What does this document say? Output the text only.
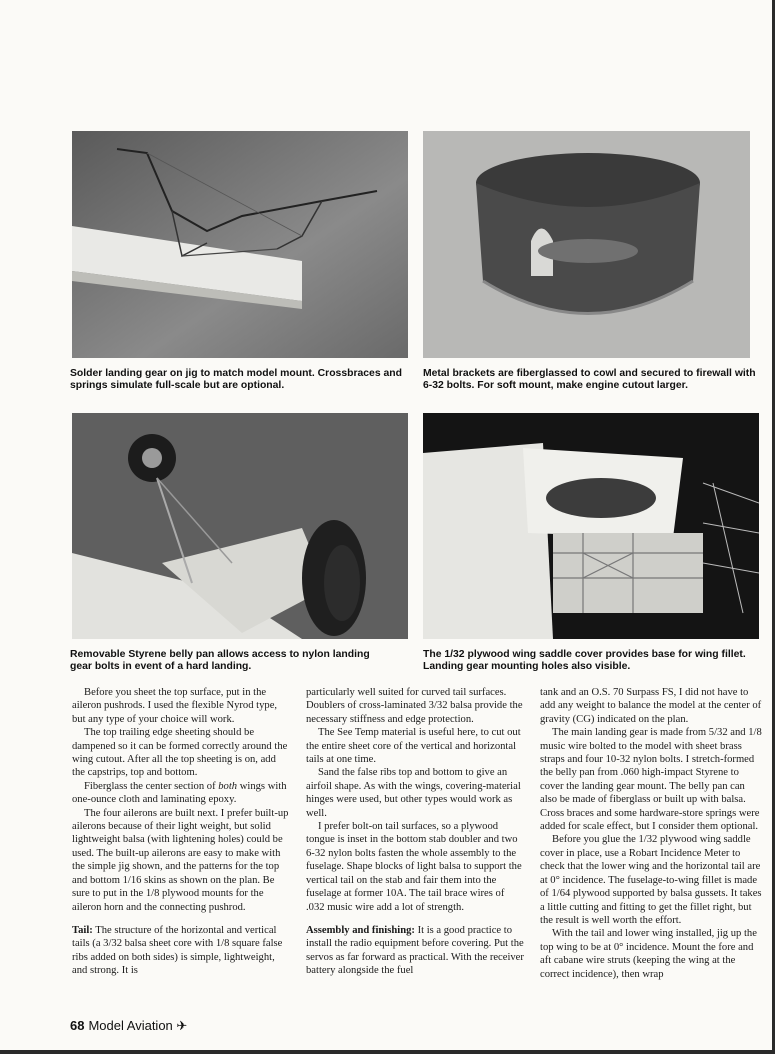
Solder landing gear on jig to match model mount. Crossbraces and springs simulate full-scale but are optional.
Metal brackets are fiberglassed to cowl and secured to firewall with 6-32 bolts. For soft mount, make engine cutout larger.
Removable Styrene belly pan allows access to nylon landing gear bolts in event of a hard landing.
The 1/32 plywood wing saddle cover provides base for wing fillet. Landing gear mounting holes also visible.

Before you sheet the top surface, put in the aileron pushrods. I used the flexible Nyrod type, but any type of your choice will work.

The top trailing edge sheeting should be dampened so it can be formed correctly around the wing cutout. After all the top sheeting is on, add the capstrips, top and bottom.

Fiberglass the center section of both wings with one-ounce cloth and laminating epoxy.

The four ailerons are built next. I prefer built-up ailerons because of their light weight, but solid lightweight balsa (with lightening holes) could be used. The built-up ailerons are easy to make with the simple jig shown, and the patterns for the top and bottom 1/16 skins as shown on the plan. Be sure to put in the 1/8 plywood mounts for the aileron horn and the connecting pushrod.

Tail: The structure of the horizontal and vertical tails (a 3/32 balsa sheet core with 1/8 square false ribs added on both sides) is simple, lightweight, and strong. It is

particularly well suited for curved tail surfaces. Doublers of cross-laminated 3/32 balsa provide the necessary stiffness and edge protection.

The See Temp material is useful here, to cut out the entire sheet core of the vertical and horizontal tails at one time.

Sand the false ribs top and bottom to give an airfoil shape. As with the wings, covering-material hinges were used, but other types would work as well.

I prefer bolt-on tail surfaces, so a plywood tongue is inset in the bottom stab doubler and two 6-32 nylon bolts fasten the whole assembly to the fuselage. Shape blocks of light balsa to support the vertical tail on the stab and fair them into the fuselage at former 10A. The tail brace wires of .032 music wire add a lot of strength.

Assembly and finishing: It is a good practice to install the radio equipment before covering. Put the servos as far forward as practical. With the receiver battery alongside the fuel

tank and an O.S. 70 Surpass FS, I did not have to add any weight to balance the model at the center of gravity (CG) indicated on the plan.

The main landing gear is made from 5/32 and 1/8 music wire bolted to the model with sheet brass straps and four 10-32 nylon bolts. I stretch-formed the belly pan from .060 high-impact Styrene to cover the landing gear mount. The belly pan can also be made of fiberglass or built up with balsa. Cross braces and some hardware-store springs were added for scale effect, but I consider them optional.

Before you glue the 1/32 plywood wing saddle cover in place, use a Robart Incidence Meter to check that the lower wing and the horizontal tail are at 0° incidence. The fuselage-to-wing fillet is made of 1/64 plywood supported by balsa gussets. It takes a little cutting and fitting to get the fillet right, but the result is well worth the effort.

With the tail and lower wing installed, jig up the top wing to be at 0° incidence. Mount the fore and aft cabane wire struts (keeping the wing at the correct incidence), then wrap

68 Model Aviation ✈
